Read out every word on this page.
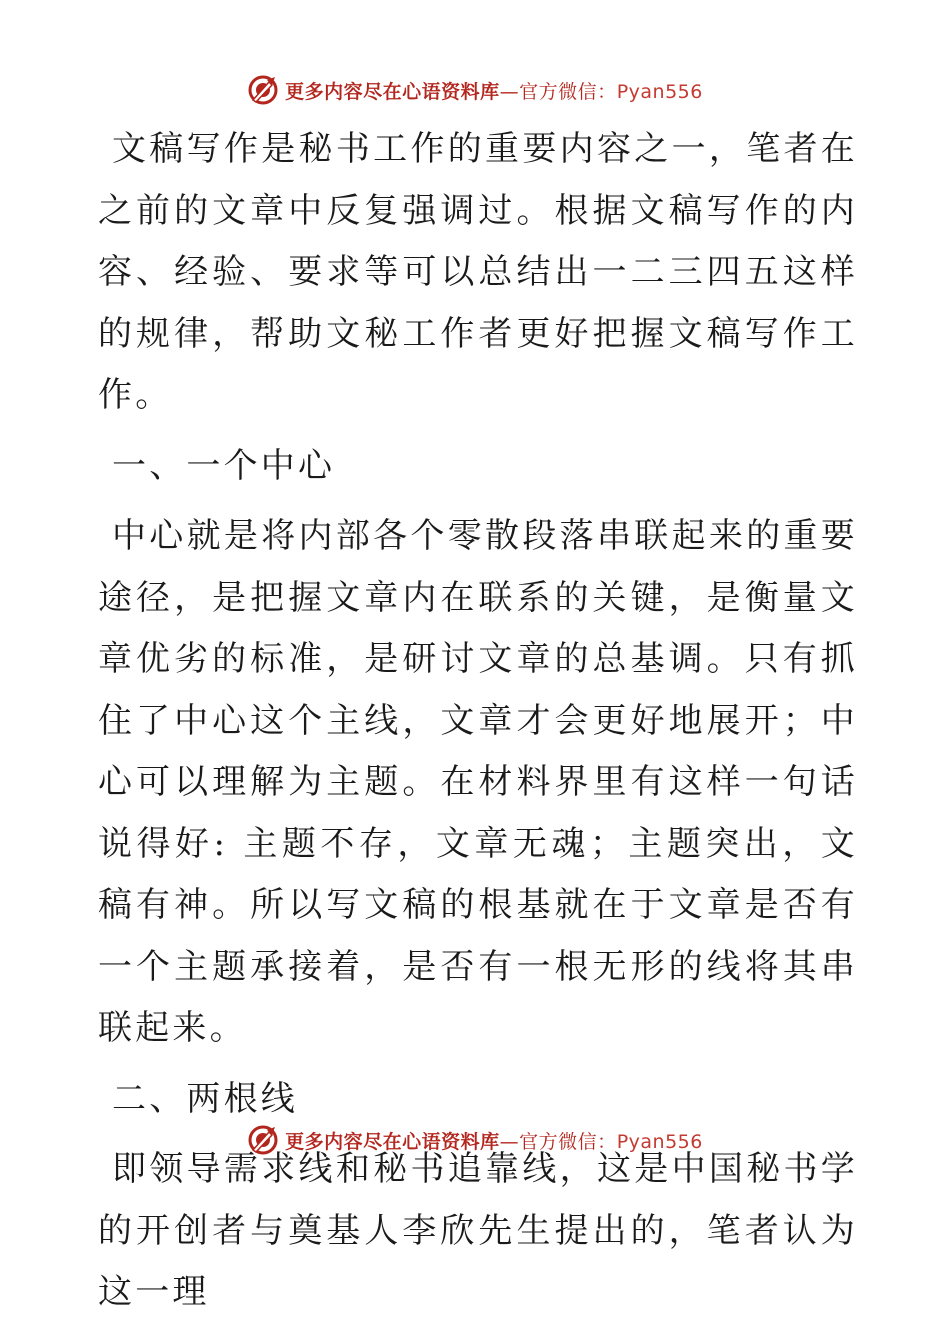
更多内容尽在心语资料库—官方微信：Pyan556

文稿写作是秘书工作的重要内容之一，笔者在之前的文章中反复强调过。根据文稿写作的内容、经验、要求等可以总结出一二三四五这样的规律，帮助文秘工作者更好把握文稿写作工作。

一、一个中心

中心就是将内部各个零散段落串联起来的重要途径，是把握文章内在联系的关键，是衡量文章优劣的标准，是研讨文章的总基调。只有抓住了中心这个主线，文章才会更好地展开；中心可以理解为主题。在材料界里有这样一句话说得好: 主题不存，文章无魂；主题突出，文稿有神。所以写文稿的根基就在于文章是否有一个主题承接着，是否有一根无形的线将其串联起来。

二、两根线

即领导需求线和秘书追靠线，这是中国秘书学的开创者与奠基人李欣先生提出的，笔者认为这一理

更多内容尽在心语资料库—官方微信：Pyan556
